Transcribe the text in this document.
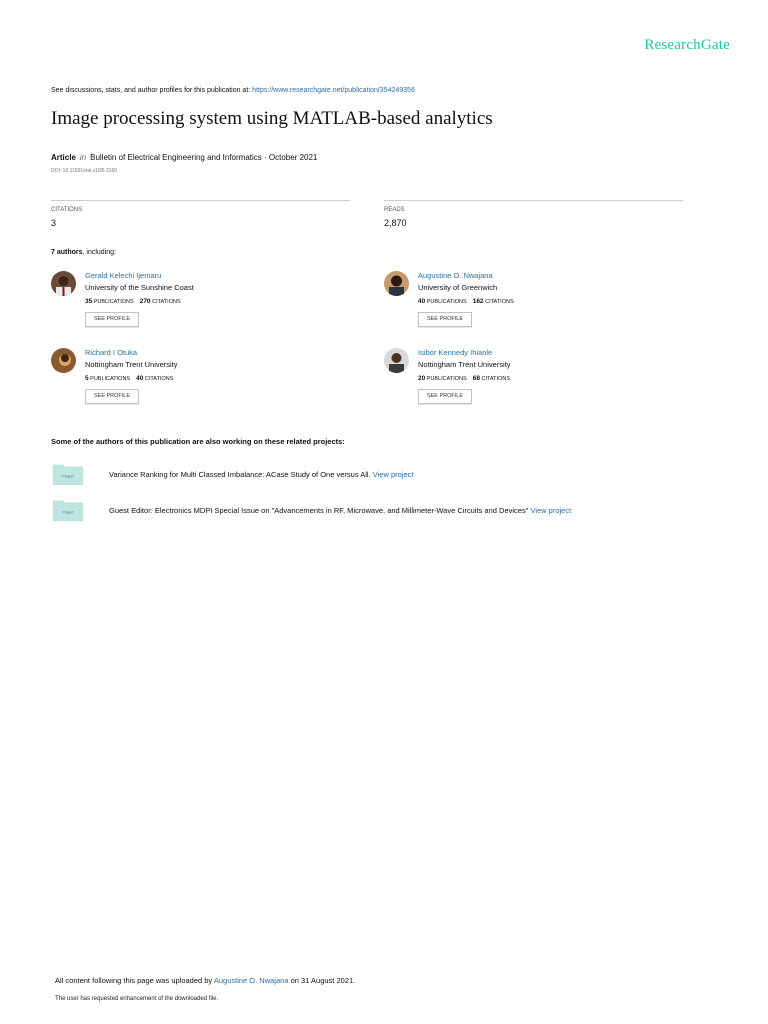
ResearchGate
See discussions, stats, and author profiles for this publication at: https://www.researchgate.net/publication/354249356
Image processing system using MATLAB-based analytics
Article in Bulletin of Electrical Engineering and Informatics · October 2021
DOI: 10.11591/eei.v10i5.3160
CITATIONS
3
READS
2,870
7 authors, including:
Gerald Kelechi Ijemaru
University of the Sunshine Coast
35 PUBLICATIONS 270 CITATIONS
SEE PROFILE
Augustine O. Nwajana
University of Greenwich
40 PUBLICATIONS 162 CITATIONS
SEE PROFILE
Richard I Otuka
Nottingham Trent University
5 PUBLICATIONS 40 CITATIONS
SEE PROFILE
Isibor Kennedy Ihianle
Nottingham Trent University
20 PUBLICATIONS 68 CITATIONS
SEE PROFILE
Some of the authors of this publication are also working on these related projects:
Project	Variance Ranking for Multi Classed Imbalance: ACase Study of One versus All. View project
Project	Guest Editor: Electronics MDPI Special Issue on "Advancements in RF, Microwave, and Millimeter-Wave Circuits and Devices" View project
All content following this page was uploaded by Augustine O. Nwajana on 31 August 2021.
The user has requested enhancement of the downloaded file.
